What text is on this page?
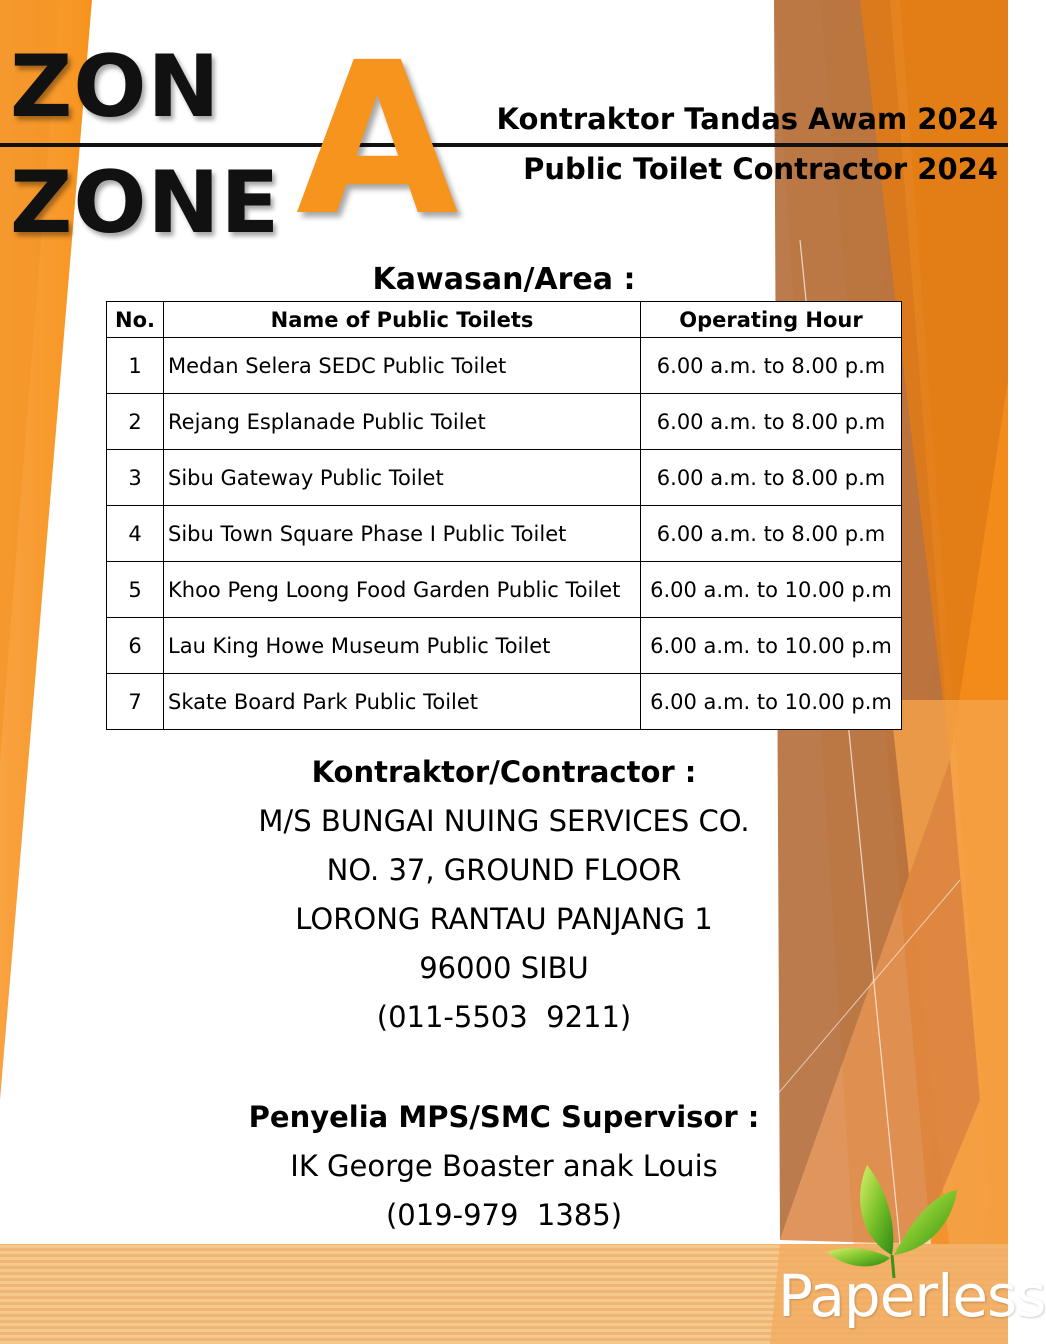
ZON
ZONE A Kontraktor Tandas Awam 2024
Public Toilet Contractor 2024
Kawasan/Area :
No.	Name of Public Toilets	Operating Hour
1	Medan Selera SEDC Public Toilet	6.00 a.m. to 8.00 p.m
2	Rejang Esplanade Public Toilet	6.00 a.m. to 8.00 p.m
3	Sibu Gateway Public Toilet	6.00 a.m. to 8.00 p.m
4	Sibu Town Square Phase I Public Toilet	6.00 a.m. to 8.00 p.m
5	Khoo Peng Loong Food Garden Public Toilet	6.00 a.m. to 10.00 p.m
6	Lau King Howe Museum Public Toilet	6.00 a.m. to 10.00 p.m
7	Skate Board Park Public Toilet	6.00 a.m. to 10.00 p.m
Kontraktor/Contractor :
M/S BUNGAI NUING SERVICES CO.
NO. 37, GROUND FLOOR
LORONG RANTAU PANJANG 1
96000 SIBU
(011-5503  9211)
Penyelia MPS/SMC Supervisor :
IK George Boaster anak Louis
(019-979  1385)
Paperless
